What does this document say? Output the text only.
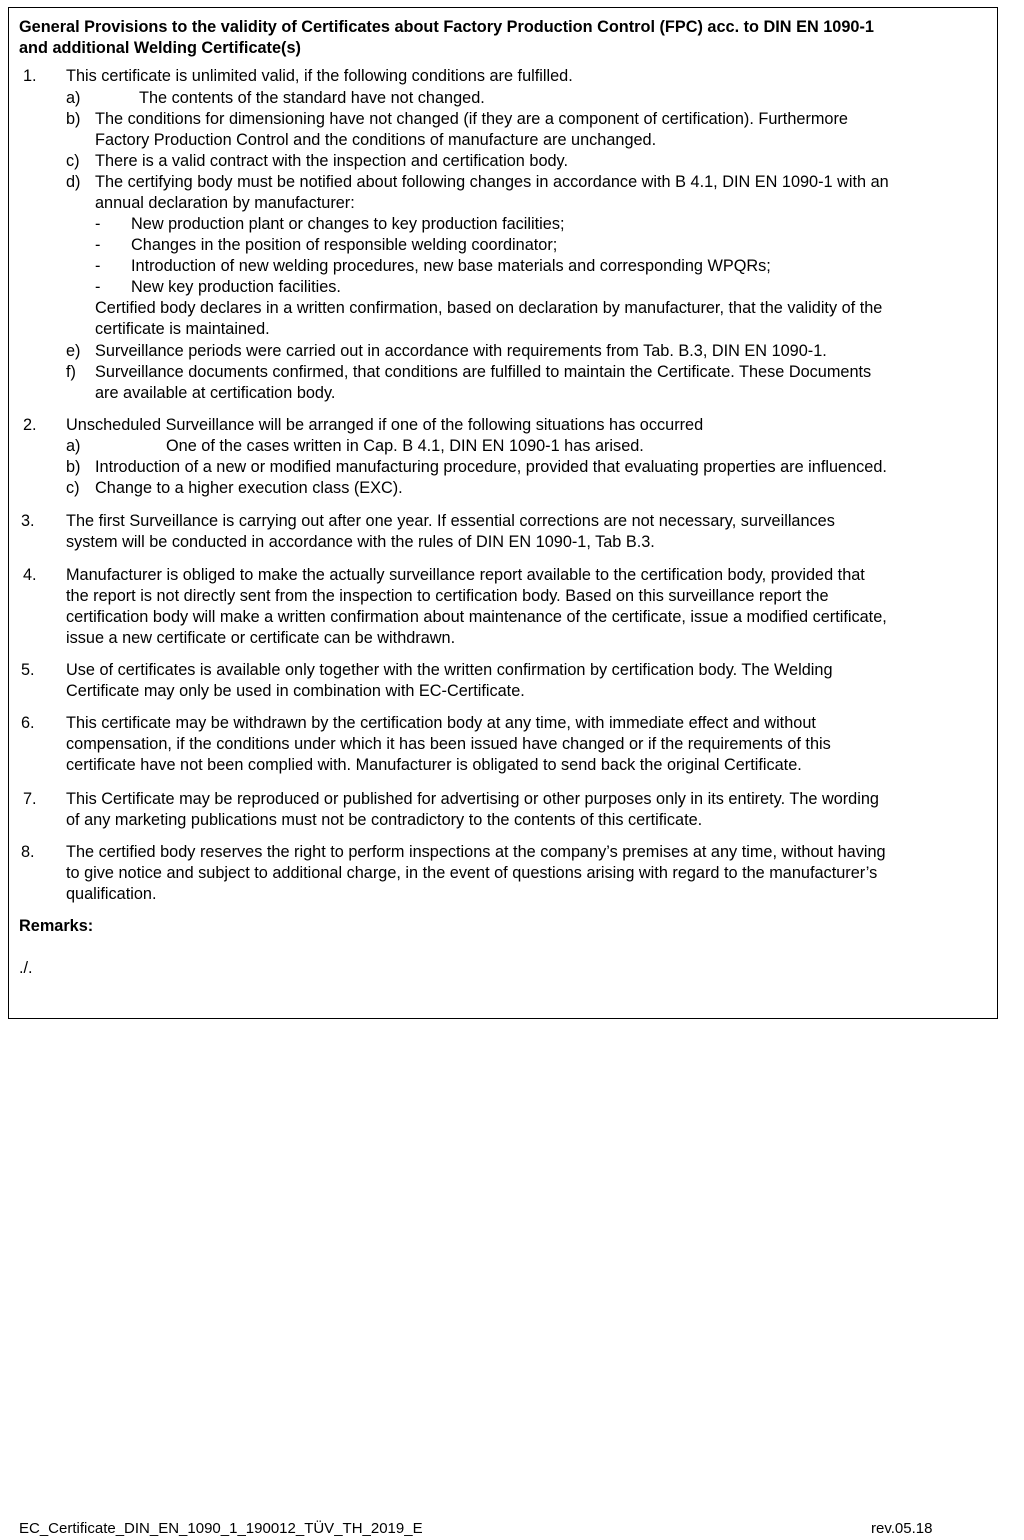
General Provisions to the validity of Certificates about Factory Production Control (FPC) acc. to DIN EN 1090-1
and additional Welding Certificate(s)
1. This certificate is unlimited valid, if the following conditions are fulfilled.
a)	The contents of the standard have not changed.
b) The conditions for dimensioning have not changed (if they are a component of certification). Furthermore
Factory Production Control and the conditions of manufacture are unchanged.
c) There is a valid contract with the inspection and certification body.
d) The certifying body must be notified about following changes in accordance with B 4.1, DIN EN 1090-1 with an
annual declaration by manufacturer:
- New production plant or changes to key production facilities;
- Changes in the position of responsible welding coordinator;
- Introduction of new welding procedures, new base materials and corresponding WPQRs;
- New key production facilities.
Certified body declares in a written confirmation, based on declaration by manufacturer, that the validity of the
certificate is maintained.
e) Surveillance periods were carried out in accordance with requirements from Tab. B.3, DIN EN 1090-1.
f) Surveillance documents confirmed, that conditions are fulfilled to maintain the Certificate. These Documents
are available at certification body.
2. Unscheduled Surveillance will be arranged if one of the following situations has occurred
a)	One of the cases written in Cap. B 4.1, DIN EN 1090-1 has arised.
b) Introduction of a new or modified manufacturing procedure, provided that evaluating properties are influenced.
c) Change to a higher execution class (EXC).
3. The first Surveillance is carrying out after one year. If essential corrections are not necessary, surveillances
system will be conducted in accordance with the rules of DIN EN 1090-1, Tab B.3.
4. Manufacturer is obliged to make the actually surveillance report available to the certification body, provided that
the report is not directly sent from the inspection to certification body. Based on this surveillance report the
certification body will make a written confirmation about maintenance of the certificate, issue a modified certificate,
issue a new certificate or certificate can be withdrawn.
5. Use of certificates is available only together with the written confirmation by certification body. The Welding
Certificate may only be used in combination with EC-Certificate.
6. This certificate may be withdrawn by the certification body at any time, with immediate effect and without
compensation, if the conditions under which it has been issued have changed or if the requirements of this
certificate have not been complied with. Manufacturer is obligated to send back the original Certificate.
7. This Certificate may be reproduced or published for advertising or other purposes only in its entirety. The wording
of any marketing publications must not be contradictory to the contents of this certificate.
8. The certified body reserves the right to perform inspections at the company’s premises at any time, without having
to give notice and subject to additional charge, in the event of questions arising with regard to the manufacturer’s
qualification.
Remarks:
./.
EC_Certificate_DIN_EN_1090_1_190012_TÜV_TH_2019_E	rev.05.18
